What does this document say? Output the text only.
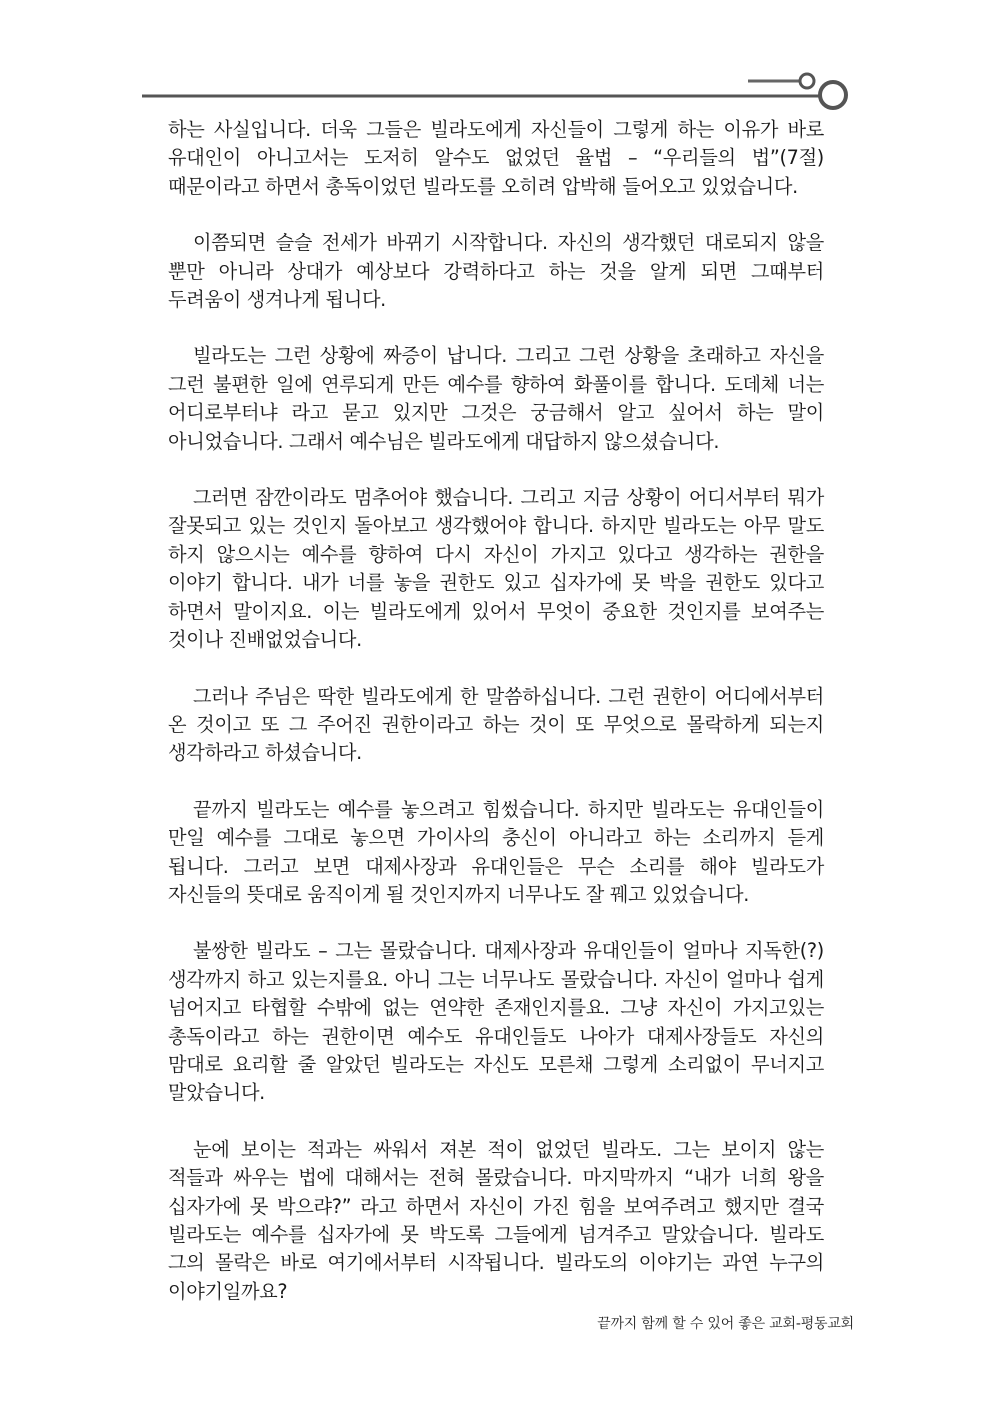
하는 사실입니다. 더욱 그들은 빌라도에게 자신들이 그렇게 하는 이유가 바로 유대인이 아니고서는 도저히 알수도 없었던 율법 – “우리들의 법”(7절) 때문이라고 하면서 총독이었던 빌라도를 오히려 압박해 들어오고 있었습니다.

이쯤되면 슬슬 전세가 바뀌기 시작합니다. 자신의 생각했던 대로되지 않을 뿐만 아니라 상대가 예상보다 강력하다고 하는 것을 알게 되면 그때부터 두려움이 생겨나게 됩니다.

빌라도는 그런 상황에 짜증이 납니다. 그리고 그런 상황을 초래하고 자신을 그런 불편한 일에 연루되게 만든 예수를 향하여 화풀이를 합니다. 도데체 너는 어디로부터냐 라고 묻고 있지만 그것은 궁금해서 알고 싶어서 하는 말이 아니었습니다. 그래서 예수님은 빌라도에게 대답하지 않으셨습니다.

그러면 잠깐이라도 멈추어야 했습니다. 그리고 지금 상황이 어디서부터 뭐가 잘못되고 있는 것인지 돌아보고 생각했어야 합니다. 하지만 빌라도는 아무 말도 하지 않으시는 예수를 향하여 다시 자신이 가지고 있다고 생각하는 권한을 이야기 합니다. 내가 너를 놓을 권한도 있고 십자가에 못 박을 권한도 있다고 하면서 말이지요. 이는 빌라도에게 있어서 무엇이 중요한 것인지를 보여주는 것이나 진배없었습니다.

그러나 주님은 딱한 빌라도에게 한 말씀하십니다. 그런 권한이 어디에서부터 온 것이고 또 그 주어진 권한이라고 하는 것이 또 무엇으로 몰락하게 되는지 생각하라고 하셨습니다.

끝까지 빌라도는 예수를 놓으려고 힘썼습니다. 하지만 빌라도는 유대인들이 만일 예수를 그대로 놓으면 가이사의 충신이 아니라고 하는 소리까지 듣게 됩니다. 그러고 보면 대제사장과 유대인들은 무슨 소리를 해야 빌라도가 자신들의 뜻대로 움직이게 될 것인지까지 너무나도 잘 꿰고 있었습니다.

불쌍한 빌라도 – 그는 몰랐습니다. 대제사장과 유대인들이 얼마나 지독한(?) 생각까지 하고 있는지를요. 아니 그는 너무나도 몰랐습니다. 자신이 얼마나 쉽게 넘어지고 타협할 수밖에 없는 연약한 존재인지를요. 그냥 자신이 가지고있는 총독이라고 하는 권한이면 예수도 유대인들도 나아가 대제사장들도 자신의 맘대로 요리할 줄 알았던 빌라도는 자신도 모른채 그렇게 소리없이 무너지고 말았습니다.

눈에 보이는 적과는 싸워서 져본 적이 없었던 빌라도. 그는 보이지 않는 적들과 싸우는 법에 대해서는 전혀 몰랐습니다. 마지막까지 “내가 너희 왕을 십자가에 못 박으랴?” 라고 하면서 자신이 가진 힘을 보여주려고 했지만 결국 빌라도는 예수를 십자가에 못 박도록 그들에게 넘겨주고 말았습니다. 빌라도 그의 몰락은 바로 여기에서부터 시작됩니다. 빌라도의 이야기는 과연 누구의 이야기일까요?

끝까지 함께 할 수 있어 좋은 교회-평동교회
